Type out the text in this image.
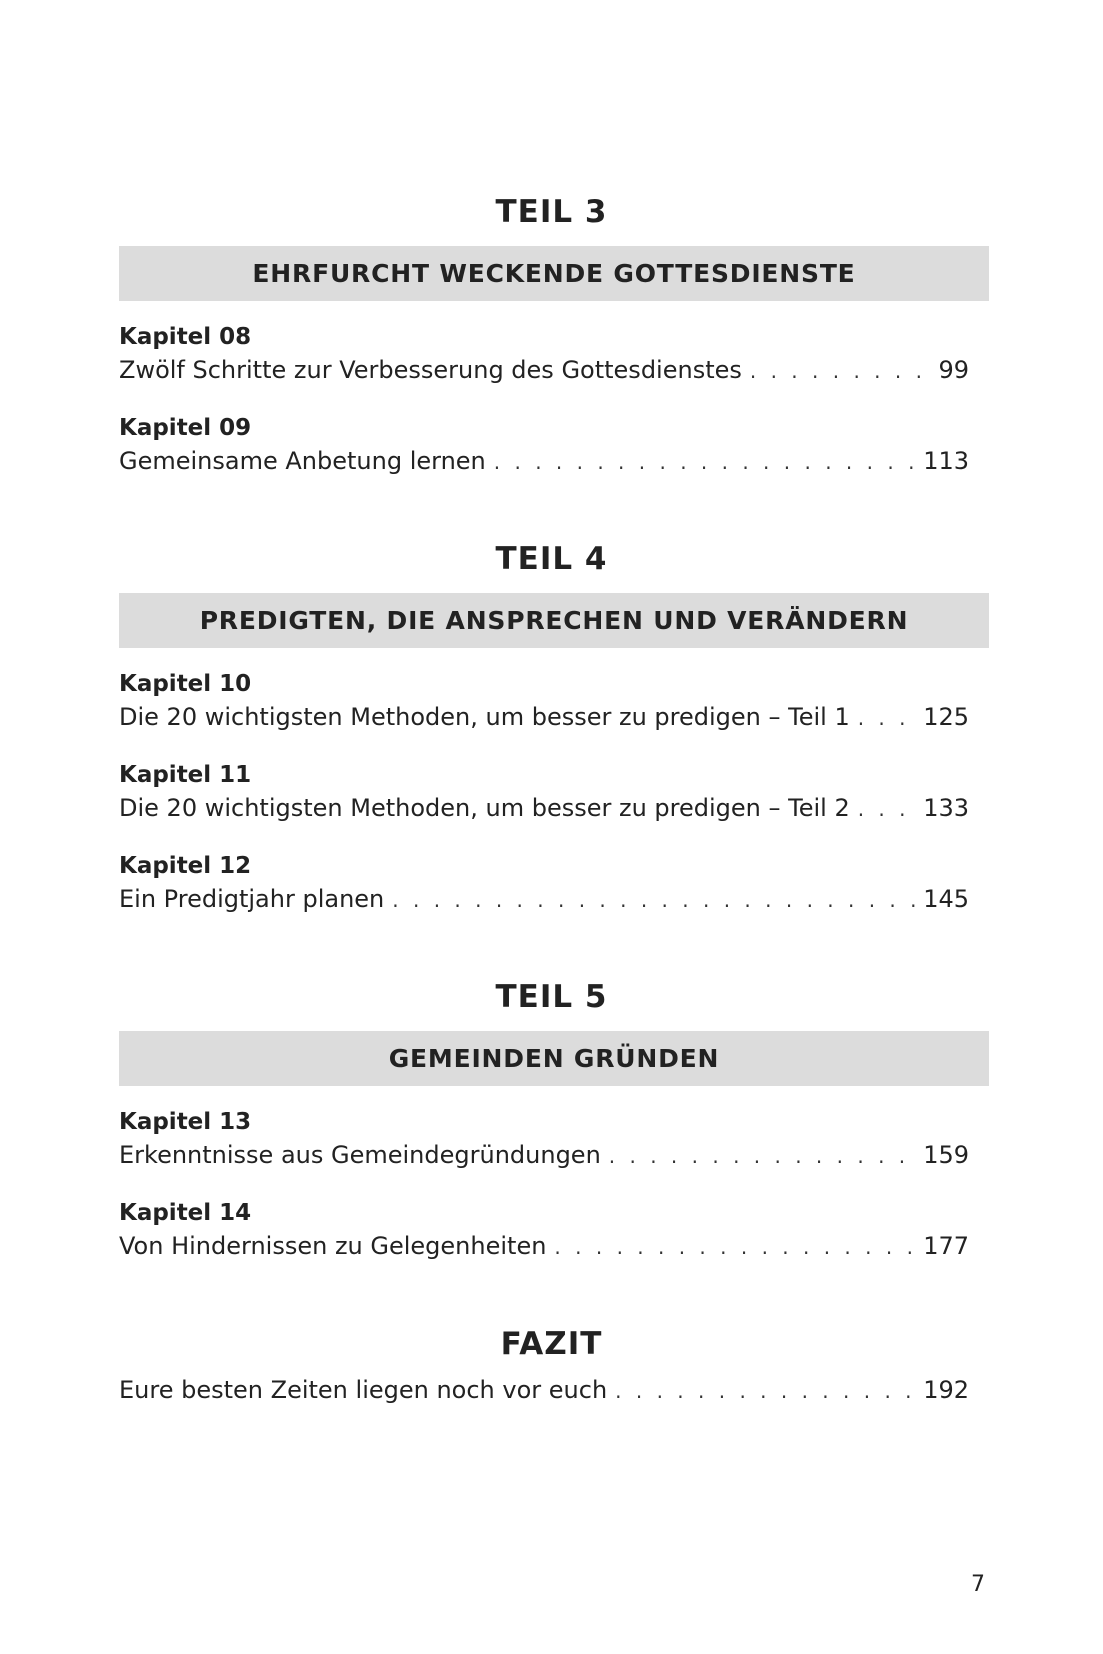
TEIL 3
EHRFURCHT WECKENDE GOTTESDIENSTE
Kapitel 08
Zwölf Schritte zur Verbesserung des Gottesdienstes . . .	99
Kapitel 09
Gemeinsame Anbetung lernen . . .	113
TEIL 4
PREDIGTEN, DIE ANSPRECHEN UND VERÄNDERN
Kapitel 10
Die 20 wichtigsten Methoden, um besser zu predigen – Teil 1 . . .	125
Kapitel 11
Die 20 wichtigsten Methoden, um besser zu predigen – Teil 2 . . .	133
Kapitel 12
Ein Predigtjahr planen . . .	145
TEIL 5
GEMEINDEN GRÜNDEN
Kapitel 13
Erkenntnisse aus Gemeindegründungen . . .	159
Kapitel 14
Von Hindernissen zu Gelegenheiten . . .	177
FAZIT
Eure besten Zeiten liegen noch vor euch . . .	192
7
